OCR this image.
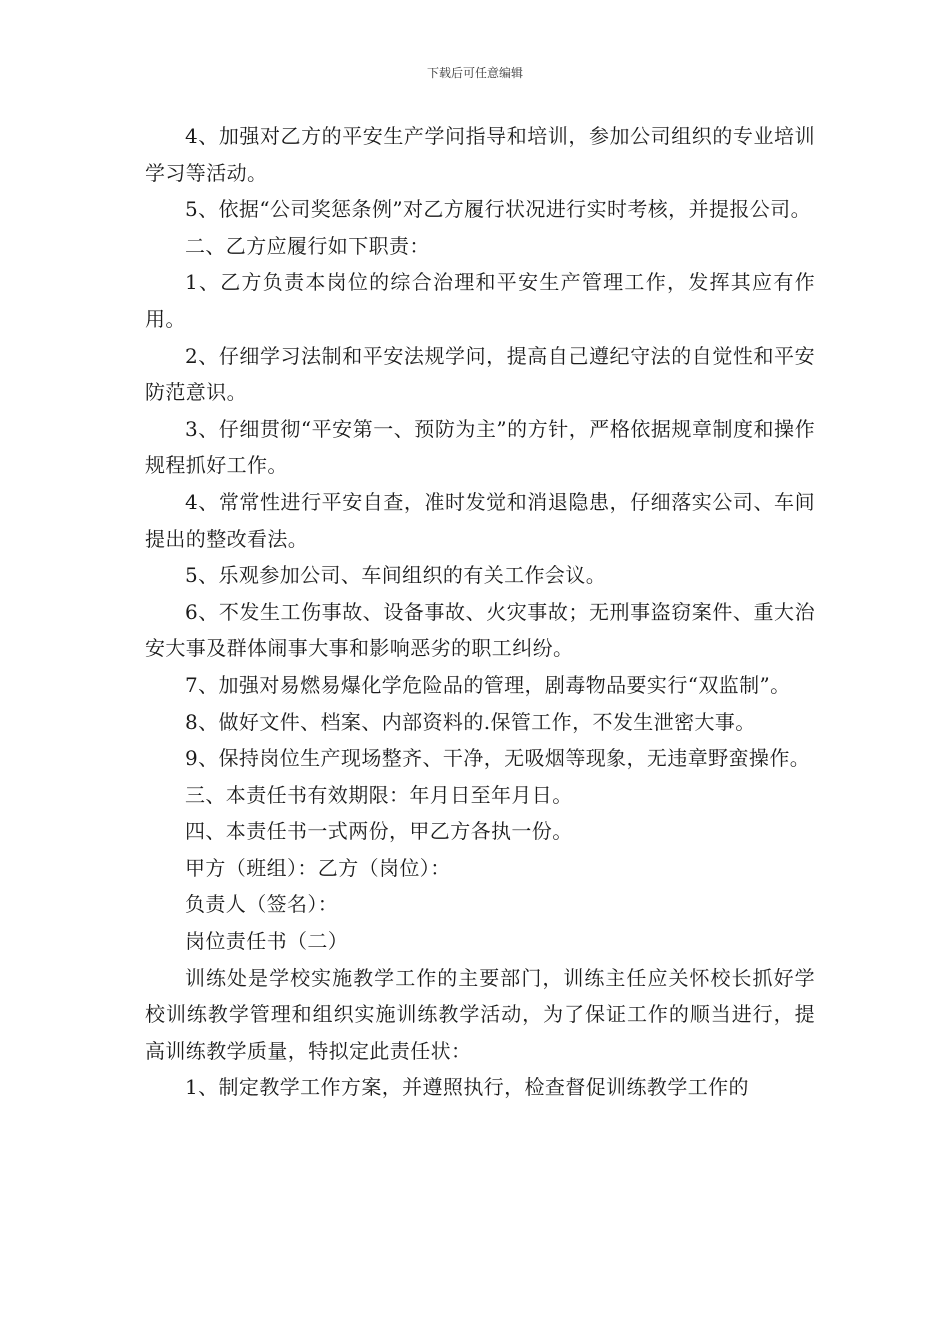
下载后可任意编辑

4、加强对乙方的平安生产学问指导和培训，参加公司组织的专业培训学习等活动。

5、依据“公司奖惩条例”对乙方履行状况进行实时考核，并提报公司。

二、乙方应履行如下职责：

1、乙方负责本岗位的综合治理和平安生产管理工作，发挥其应有作用。

2、仔细学习法制和平安法规学问，提高自己遵纪守法的自觉性和平安防范意识。

3、仔细贯彻“平安第一、预防为主”的方针，严格依据规章制度和操作规程抓好工作。

4、常常性进行平安自查，准时发觉和消退隐患，仔细落实公司、车间提出的整改看法。

5、乐观参加公司、车间组织的有关工作会议。

6、不发生工伤事故、设备事故、火灾事故；无刑事盗窃案件、重大治安大事及群体闹事大事和影响恶劣的职工纠纷。

7、加强对易燃易爆化学危险品的管理，剧毒物品要实行“双监制”。

8、做好文件、档案、内部资料的.保管工作，不发生泄密大事。

9、保持岗位生产现场整齐、干净，无吸烟等现象，无违章野蛮操作。

三、本责任书有效期限：年月日至年月日。

四、本责任书一式两份，甲乙方各执一份。

甲方（班组）：乙方（岗位）：

负责人（签名）：

岗位责任书（二）

训练处是学校实施教学工作的主要部门，训练主任应关怀校长抓好学校训练教学管理和组织实施训练教学活动，为了保证工作的顺当进行，提高训练教学质量，特拟定此责任状：

1、制定教学工作方案，并遵照执行，检查督促训练教学工作的
